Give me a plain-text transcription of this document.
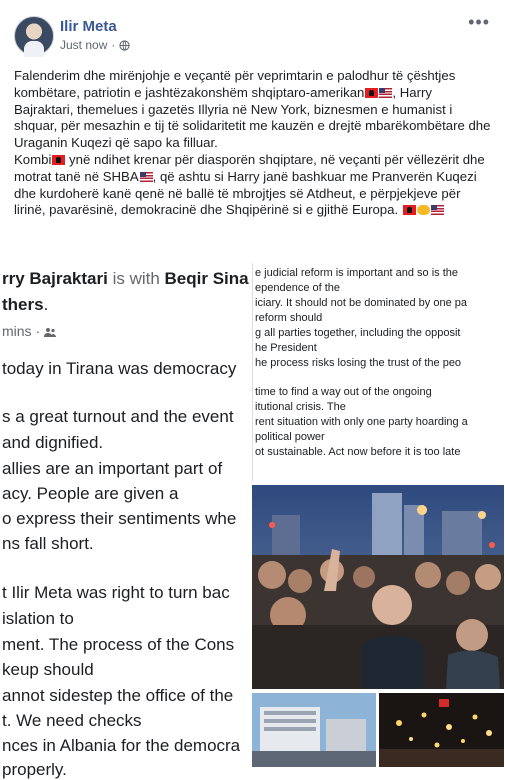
Ilir Meta
Just now ·
•••

Falenderim dhe mirënjohje e veçantë për veprimtarin e palodhur të çështjes kombëtare, patriotin e jashtëzakonshëm shqiptaro-amerikan , Harry Bajraktari, themelues i gazetës Illyria në New York, biznesmen e humanist i shquar, për mesazhin e tij të solidaritetit me kauzën e drejtë mbarëkombëtare dhe Uraganin Kuqezi që sapo ka filluar.

Kombi ynë ndihet krenar për diasporën shqiptare, në veçanti për vëllezërit dhe motrat tanë në SHBA , që ashtu si Harry janë bashkuar me Pranverën Kuqezi dhe kurdoherë kanë qenë në ballë të mbrojtjes së Atdheut, e përpjekjeve për lirinë, pavarësinë, demokracinë dhe Shqipërinë si e gjithë Europa.

rry Bajraktari is with Beqir Sina
thers.
mins ·
today in Tirana was democracy
s a great turnout and the event
and dignified.
allies are an important part of
acy. People are given a
o express their sentiments whe
ns fall short.
t Ilir Meta was right to turn bac
islation to
ment. The process of the Cons
keup should
annot sidestep the office of the
t. We need checks
nces in Albania for the democra
properly.
e judicial reform is important and so is the
ependence of the
iciary. It should not be dominated by one pa
reform should
g all parties together, including the opposit
he President
he process risks losing the trust of the peo
time to find a way out of the ongoing
itutional crisis. The
rent situation with only one party hoarding a
political power
ot sustainable. Act now before it is too late
